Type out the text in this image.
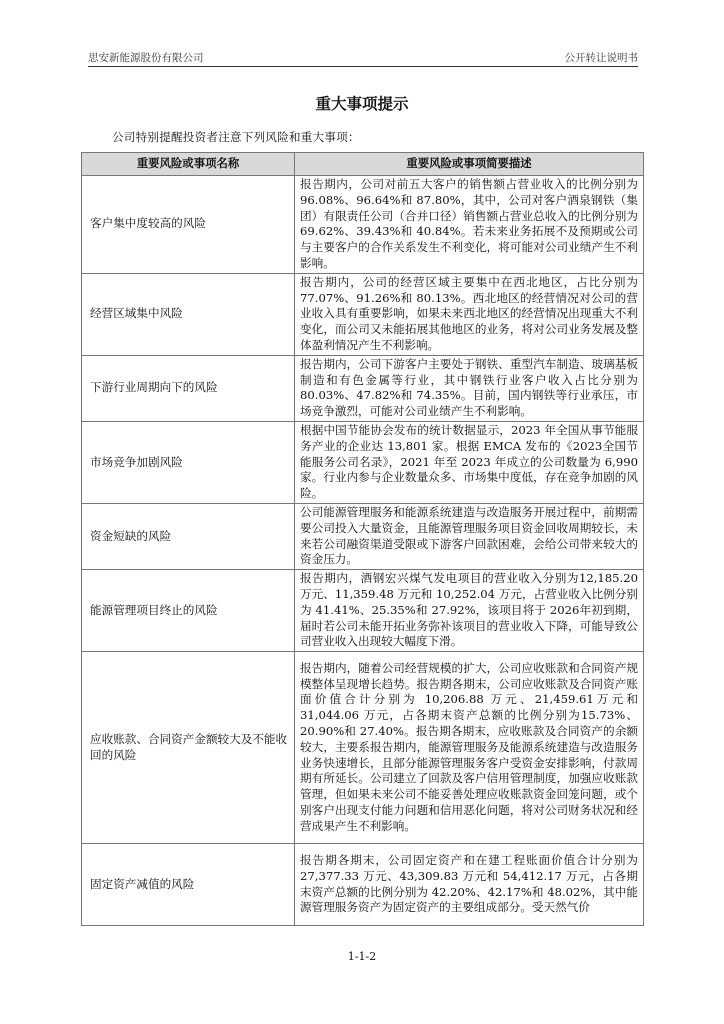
思安新能源股份有限公司	公开转让说明书
重大事项提示
公司特别提醒投资者注意下列风险和重大事项：
重要风险或事项名称	重要风险或事项简要描述
客户集中度较高的风险	报告期内，公司对前五大客户的销售额占营业收入的比例分别为 96.08%、96.64%和 87.80%，其中，公司对客户酒泉钢铁（集团）有限责任公司（合并口径）销售额占营业总收入的比例分别为 69.62%、39.43%和 40.84%。若未来业务拓展不及预期或公司与主要客户的合作关系发生不利变化，将可能对公司业绩产生不利影响。
经营区域集中风险	报告期内，公司的经营区域主要集中在西北地区，占比分别为 77.07%、91.26%和 80.13%。西北地区的经营情况对公司的营业收入具有重要影响，如果未来西北地区的经营情况出现重大不利变化，而公司又未能拓展其他地区的业务，将对公司业务发展及整体盈利情况产生不利影响。
下游行业周期向下的风险	报告期内，公司下游客户主要处于钢铁、重型汽车制造、玻璃基板制造和有色金属等行业，其中钢铁行业客户收入占比分别为 80.03%、47.82%和 74.35%。目前，国内钢铁等行业承压，市场竞争激烈，可能对公司业绩产生不利影响。
市场竞争加剧风险	根据中国节能协会发布的统计数据显示，2023 年全国从事节能服务产业的企业达 13,801 家。根据 EMCA 发布的《2023全国节能服务公司名录》，2021 年至 2023 年成立的公司数量为 6,990 家。行业内参与企业数量众多、市场集中度低，存在竞争加剧的风险。
资金短缺的风险	公司能源管理服务和能源系统建造与改造服务开展过程中，前期需要公司投入大量资金，且能源管理服务项目资金回收周期较长，未来若公司融资渠道受限或下游客户回款困难，会给公司带来较大的资金压力。
能源管理项目终止的风险	报告期内，酒钢宏兴煤气发电项目的营业收入分别为12,185.20 万元、11,359.48 万元和 10,252.04 万元，占营业收入比例分别为 41.41%、25.35%和 27.92%，该项目将于 2026年初到期，届时若公司未能开拓业务弥补该项目的营业收入下降，可能导致公司营业收入出现较大幅度下滑。
应收账款、合同资产金额较大及不能收回的风险	报告期内，随着公司经营规模的扩大，公司应收账款和合同资产规模整体呈现增长趋势。报告期各期末，公司应收账款及合同资产账面价值合计分别为 10,206.88 万元、21,459.61万元和 31,044.06 万元，占各期末资产总额的比例分别为15.73%、20.90%和 27.40%。报告期各期末，应收账款及合同资产的余额较大，主要系报告期内，能源管理服务及能源系统建造与改造服务业务快速增长，且部分能源管理服务客户受资金安排影响，付款周期有所延长。公司建立了回款及客户信用管理制度，加强应收账款管理，但如果未来公司不能妥善处理应收账款资金回笼问题，或个别客户出现支付能力问题和信用恶化问题，将对公司财务状况和经营成果产生不利影响。
固定资产减值的风险	报告期各期末，公司固定资产和在建工程账面价值合计分别为 27,377.33 万元、43,309.83 万元和 54,412.17 万元，占各期末资产总额的比例分别为 42.20%、42.17%和 48.02%，其中能源管理服务资产为固定资产的主要组成部分。受天然气价
1-1-2
